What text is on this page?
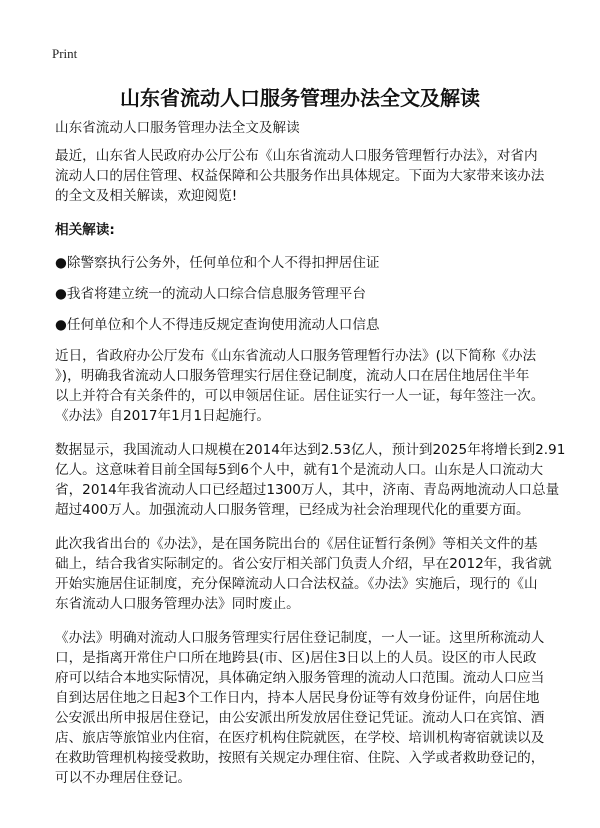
Print
山东省流动人口服务管理办法全文及解读
山东省流动人口服务管理办法全文及解读
最近，山东省人民政府办公厅公布《山东省流动人口服务管理暂行办法》，对省内
流动人口的居住管理、权益保障和公共服务作出具体规定。下面为大家带来该办法
的全文及相关解读，欢迎阅览!
相关解读:
●除警察执行公务外，任何单位和个人不得扣押居住证
●我省将建立统一的流动人口综合信息服务管理平台
●任何单位和个人不得违反规定查询使用流动人口信息
近日，省政府办公厅发布《山东省流动人口服务管理暂行办法》(以下简称《办法
》)，明确我省流动人口服务管理实行居住登记制度，流动人口在居住地居住半年
以上并符合有关条件的，可以申领居住证。居住证实行一人一证，每年签注一次。
《办法》自2017年1月1日起施行。
数据显示，我国流动人口规模在2014年达到2.53亿人，预计到2025年将增长到2.91
亿人。这意味着目前全国每5到6个人中，就有1个是流动人口。山东是人口流动大
省，2014年我省流动人口已经超过1300万人，其中，济南、青岛两地流动人口总量
超过400万人。加强流动人口服务管理，已经成为社会治理现代化的重要方面。
此次我省出台的《办法》，是在国务院出台的《居住证暂行条例》等相关文件的基
础上，结合我省实际制定的。省公安厅相关部门负责人介绍，早在2012年，我省就
开始实施居住证制度，充分保障流动人口合法权益。《办法》实施后，现行的《山
东省流动人口服务管理办法》同时废止。
《办法》明确对流动人口服务管理实行居住登记制度，一人一证。这里所称流动人
口，是指离开常住户口所在地跨县(市、区)居住3日以上的人员。设区的市人民政
府可以结合本地实际情况，具体确定纳入服务管理的流动人口范围。流动人口应当
自到达居住地之日起3个工作日内，持本人居民身份证等有效身份证件，向居住地
公安派出所申报居住登记，由公安派出所发放居住登记凭证。流动人口在宾馆、酒
店、旅店等旅馆业内住宿，在医疗机构住院就医，在学校、培训机构寄宿就读以及
在救助管理机构接受救助，按照有关规定办理住宿、住院、入学或者救助登记的，
可以不办理居住登记。
